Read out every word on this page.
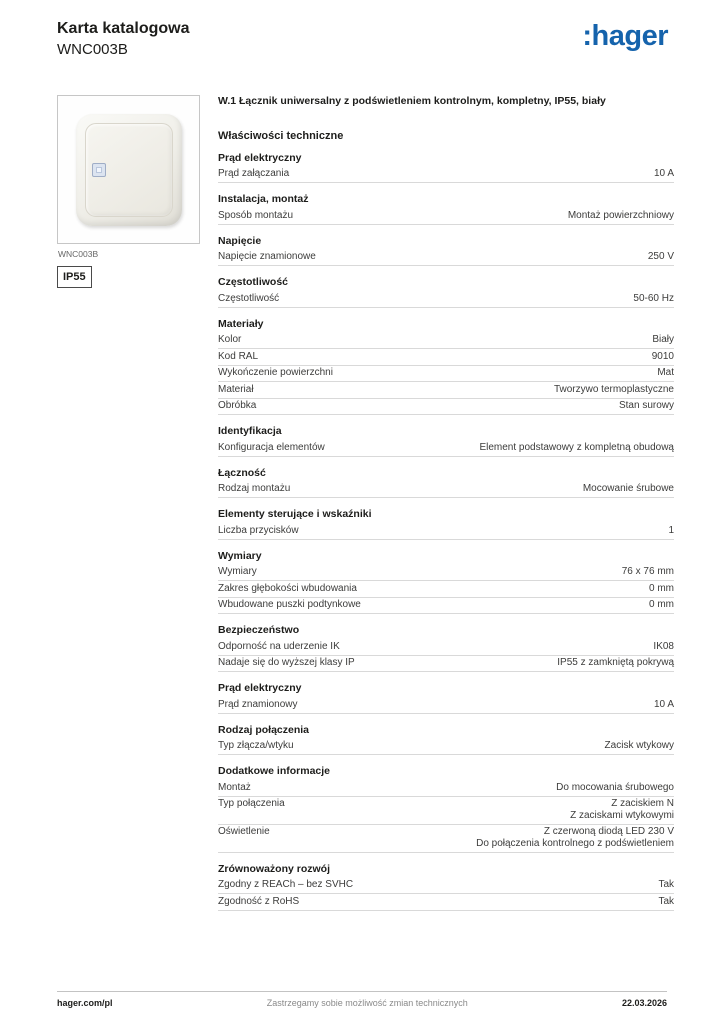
Karta katalogowa
WNC003B	:hager
WNC003B
IP55
W.1 Łącznik uniwersalny z podświetleniem kontrolnym, kompletny, IP55, biały
Właściwości techniczne
Prąd elektryczny
Prąd załączania	10 A
Instalacja, montaż
Sposób montażu	Montaż powierzchniowy
Napięcie
Napięcie znamionowe	250 V
Częstotliwość
Częstotliwość	50-60 Hz
Materiały
Kolor	Biały
Kod RAL	9010
Wykończenie powierzchni	Mat
Materiał	Tworzywo termoplastyczne
Obróbka	Stan surowy
Identyfikacja
Konfiguracja elementów	Element podstawowy z kompletną obudową
Łączność
Rodzaj montażu	Mocowanie śrubowe
Elementy sterujące i wskaźniki
Liczba przycisków	1
Wymiary
Wymiary	76 x 76 mm
Zakres głębokości wbudowania	0 mm
Wbudowane puszki podtynkowe	0 mm
Bezpieczeństwo
Odporność na uderzenie IK	IK08
Nadaje się do wyższej klasy IP	IP55 z zamkniętą pokrywą
Prąd elektryczny
Prąd znamionowy	10 A
Rodzaj połączenia
Typ złącza/wtyku	Zacisk wtykowy
Dodatkowe informacje
Montaż	Do mocowania śrubowego
Typ połączenia	Z zaciskiem N
Z zaciskami wtykowymi
Oświetlenie	Z czerwoną diodą LED 230 V
Do połączenia kontrolnego z podświetleniem
Zrównoważony rozwój
Zgodny z REACh – bez SVHC	Tak
Zgodność z RoHS	Tak
hager.com/pl	Zastrzegamy sobie możliwość zmian technicznych	22.03.2026
